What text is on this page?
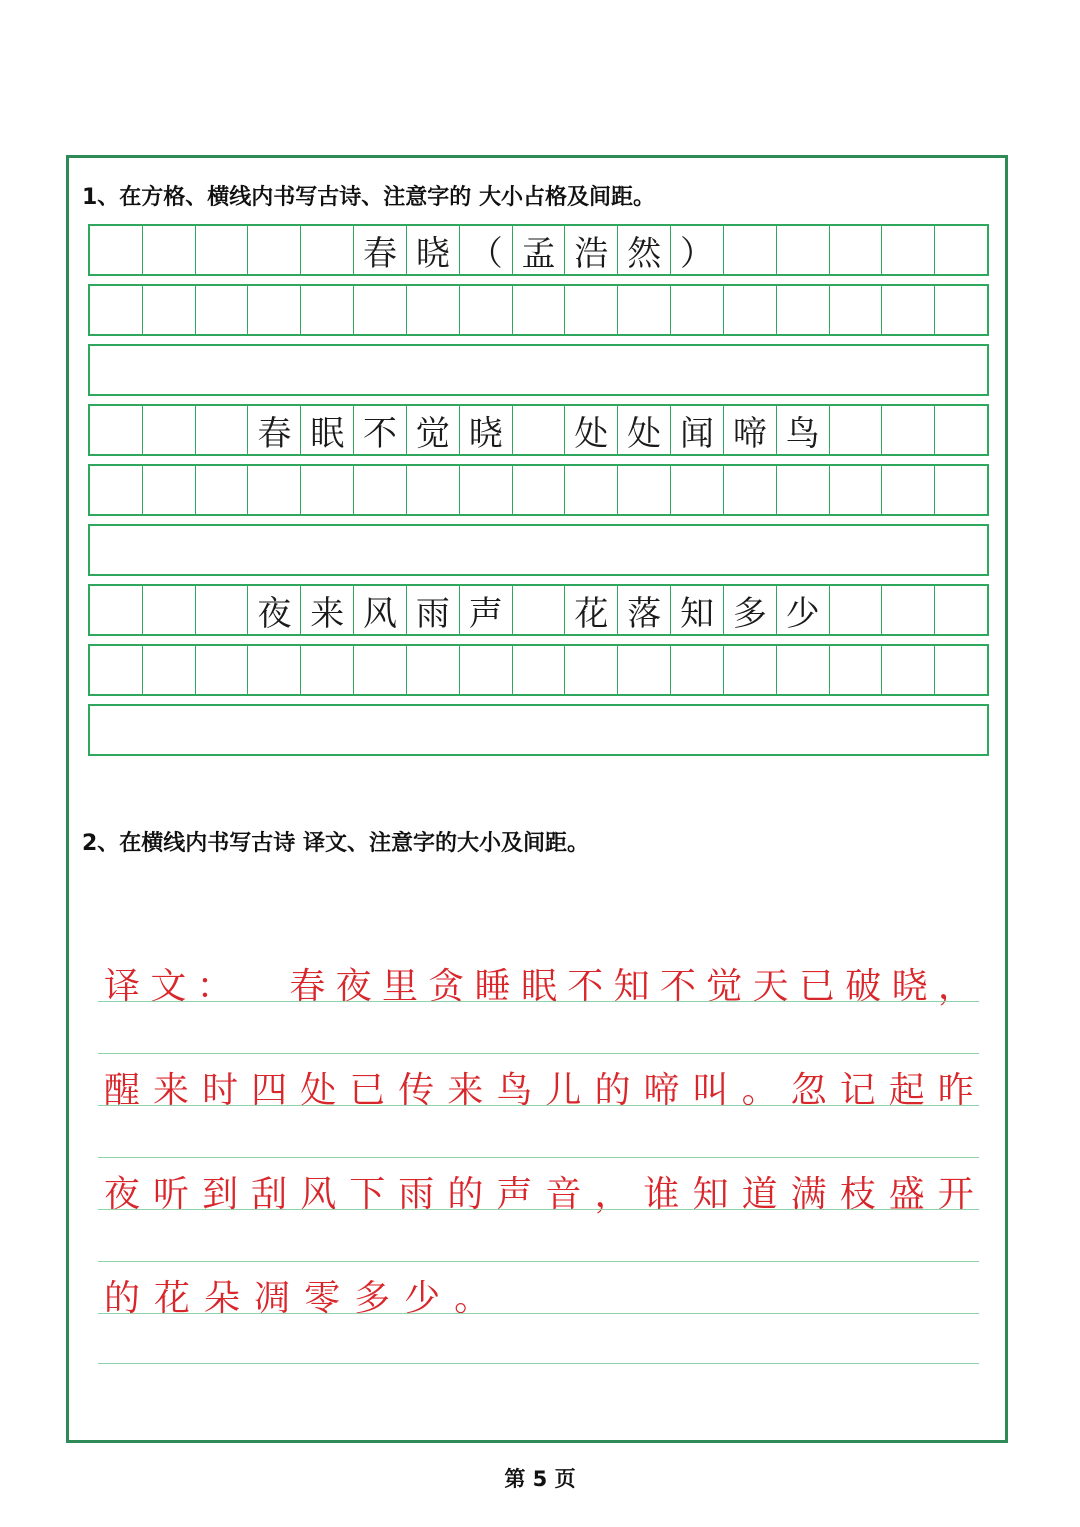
1、在方格、横线内书写古诗、注意字的 大小占格及间距。
春 晓 （ 孟 浩 然 ）
春 眠 不 觉 晓 处 处 闻 啼 鸟
夜 来 风 雨 声 花 落 知 多 少
2、在横线内书写古诗 译文、注意字的大小及间距。
译 文 ：
　 春 夜 里 贪 睡 眠 不 知 不 觉 天 已 破 晓 ，
醒 来 时 四 处 已 传 来 鸟 儿 的 啼 叫 。 忽 记 起 昨
夜 听 到 刮 风 下 雨 的 声 音 ， 谁 知 道 满 枝 盛 开
的 花 朵 凋 零 多 少 。
第 5 页
